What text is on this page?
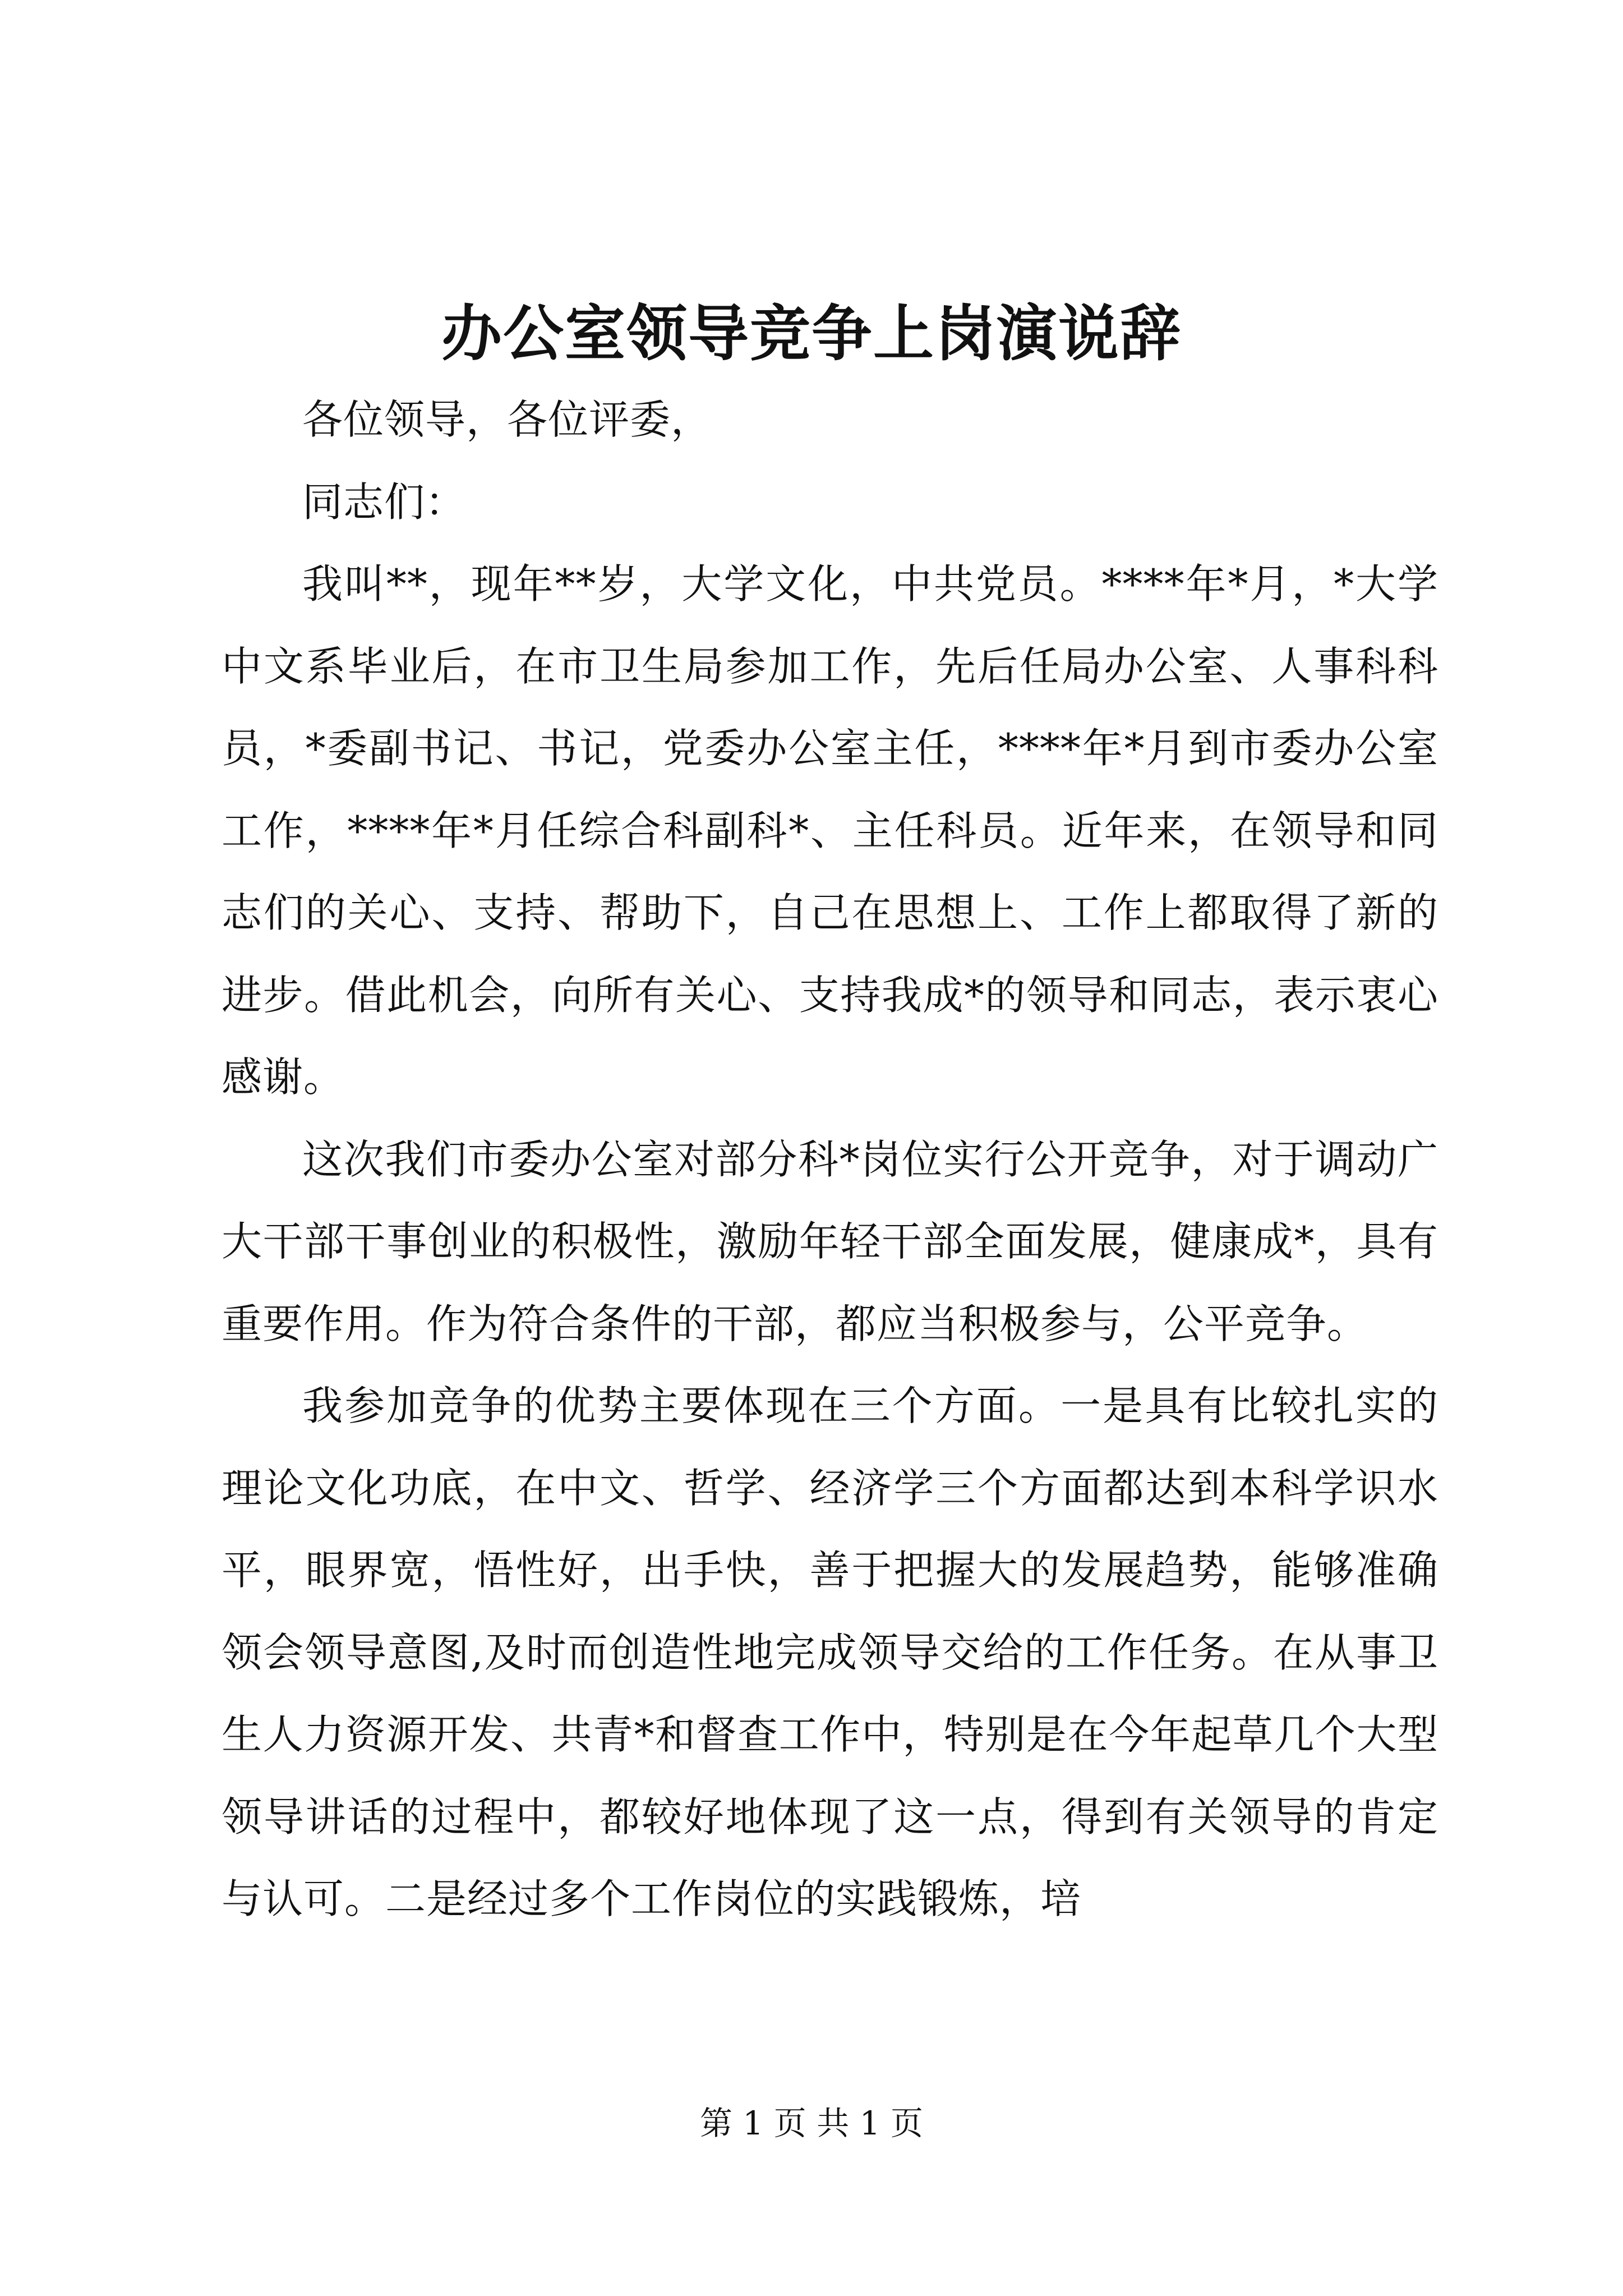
办公室领导竞争上岗演说辞

各位领导，各位评委，

同志们：

我叫**，现年**岁，大学文化，中共党员。****年*月，*大学中文系毕业后，在市卫生局参加工作，先后任局办公室、人事科科员，*委副书记、书记，党委办公室主任，****年*月到市委办公室工作，****年*月任综合科副科*、主任科员。近年来，在领导和同志们的关心、支持、帮助下，自己在思想上、工作上都取得了新的进步。借此机会，向所有关心、支持我成*的领导和同志，表示衷心感谢。

这次我们市委办公室对部分科*岗位实行公开竞争，对于调动广大干部干事创业的积极性，激励年轻干部全面发展，健康成*，具有重要作用。作为符合条件的干部，都应当积极参与，公平竞争。

我参加竞争的优势主要体现在三个方面。一是具有比较扎实的理论文化功底，在中文、哲学、经济学三个方面都达到本科学识水平，眼界宽，悟性好，出手快，善于把握大的发展趋势，能够准确领会领导意图,及时而创造性地完成领导交给的工作任务。在从事卫生人力资源开发、共青*和督查工作中，特别是在今年起草几个大型领导讲话的过程中，都较好地体现了这一点，得到有关领导的肯定与认可。二是经过多个工作岗位的实践锻炼，培

第 1 页 共 1 页
